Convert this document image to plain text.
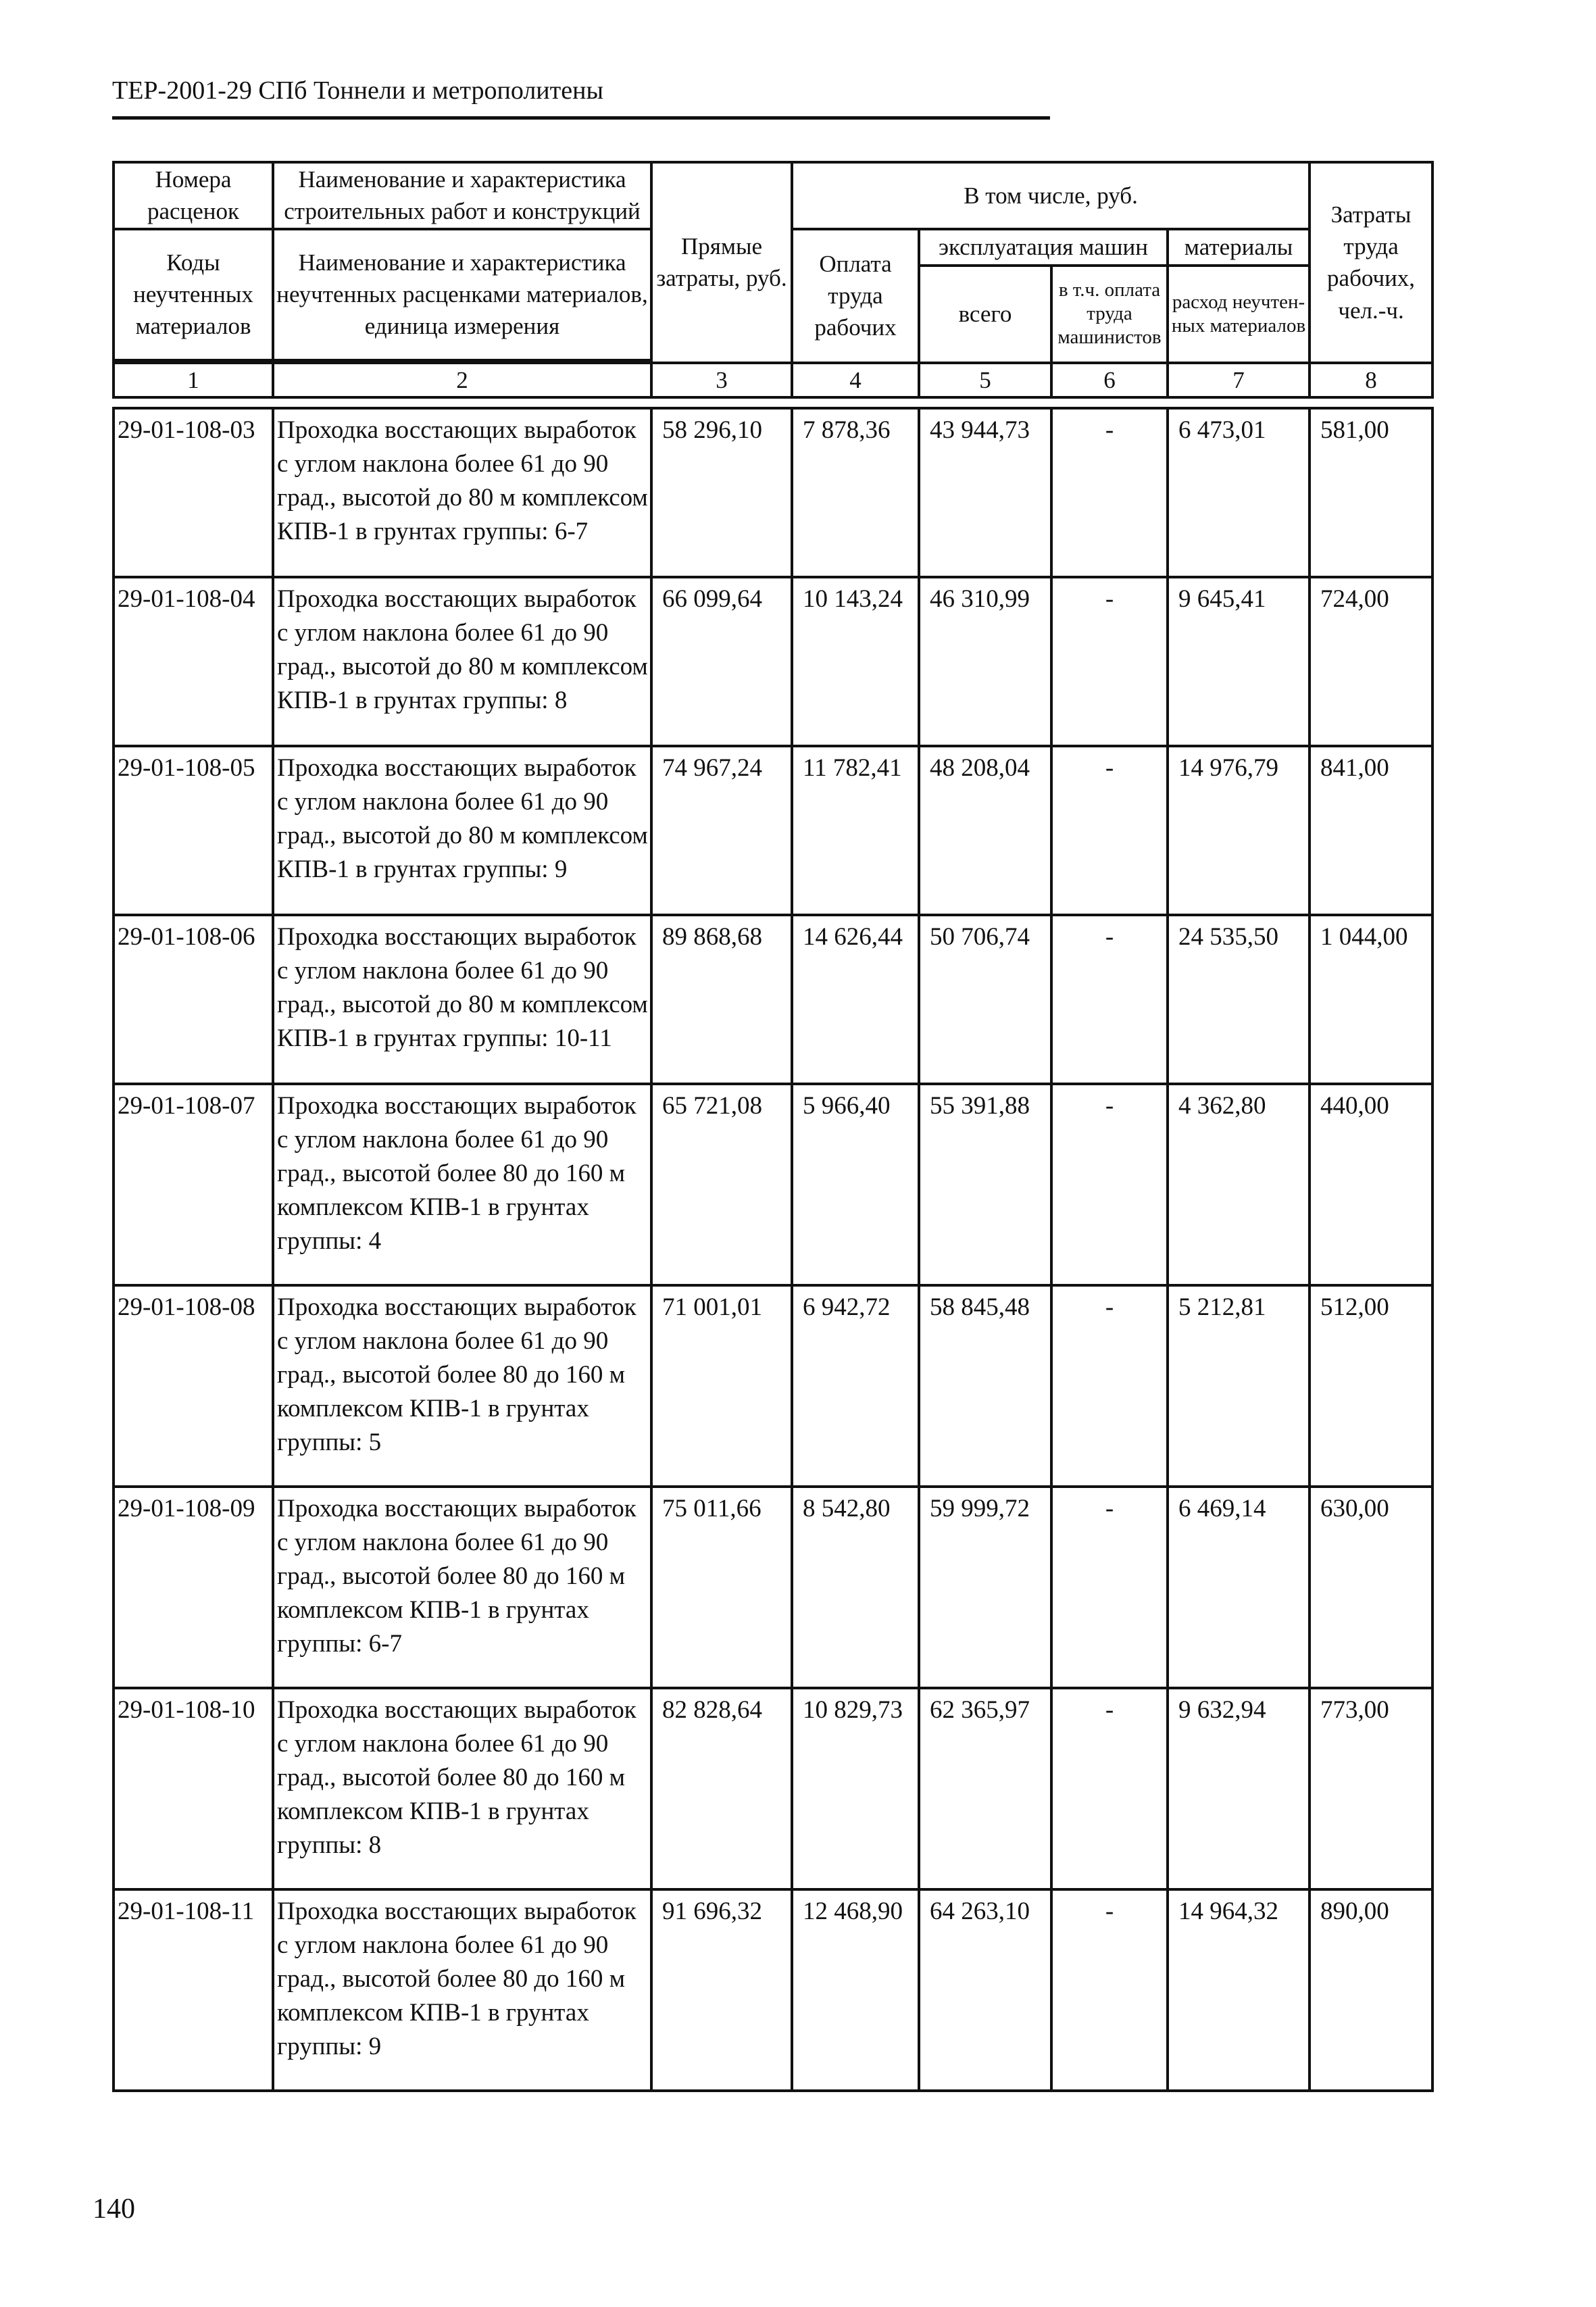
ТЕР-2001-29 СПб Тоннели и метрополитены
Номера расценок	Наименование и характеристика строительных работ и конструкций	Прямые затраты, руб.	В том числе, руб.				Затраты труда рабочих, чел.-ч.
Коды неучтенных материалов	Наименование и характеристика неучтенных расценками материалов, единица измерения		Оплата труда рабочих	эксплуатация машин		материалы	
				всего	в т.ч. оплата труда машинистов	расход неучтен-ных материалов	

1	2	3	4	5	6	7	8
29-01-108-03	Проходка восстающих выработок с углом наклона более 61 до 90 град., высотой до 80 м комплексом КПВ-1 в грунтах группы: 6-7	58 296,10	7 878,36	43 944,73	-	6 473,01	581,00
29-01-108-04	Проходка восстающих выработок с углом наклона более 61 до 90 град., высотой до 80 м комплексом КПВ-1 в грунтах группы: 8	66 099,64	10 143,24	46 310,99	-	9 645,41	724,00
29-01-108-05	Проходка восстающих выработок с углом наклона более 61 до 90 град., высотой до 80 м комплексом КПВ-1 в грунтах группы: 9	74 967,24	11 782,41	48 208,04	-	14 976,79	841,00
29-01-108-06	Проходка восстающих выработок с углом наклона более 61 до 90 град., высотой до 80 м комплексом КПВ-1 в грунтах группы: 10-11	89 868,68	14 626,44	50 706,74	-	24 535,50	1 044,00
29-01-108-07	Проходка восстающих выработок с углом наклона более 61 до 90 град., высотой более 80 до 160 м комплексом КПВ-1 в грунтах группы: 4	65 721,08	5 966,40	55 391,88	-	4 362,80	440,00
29-01-108-08	Проходка восстающих выработок с углом наклона более 61 до 90 град., высотой более 80 до 160 м комплексом КПВ-1 в грунтах группы: 5	71 001,01	6 942,72	58 845,48	-	5 212,81	512,00
29-01-108-09	Проходка восстающих выработок с углом наклона более 61 до 90 град., высотой более 80 до 160 м комплексом КПВ-1 в грунтах группы: 6-7	75 011,66	8 542,80	59 999,72	-	6 469,14	630,00
29-01-108-10	Проходка восстающих выработок с углом наклона более 61 до 90 град., высотой более 80 до 160 м комплексом КПВ-1 в грунтах группы: 8	82 828,64	10 829,73	62 365,97	-	9 632,94	773,00
29-01-108-11	Проходка восстающих выработок с углом наклона более 61 до 90 град., высотой более 80 до 160 м комплексом КПВ-1 в грунтах группы: 9	91 696,32	12 468,90	64 263,10	-	14 964,32	890,00
140
